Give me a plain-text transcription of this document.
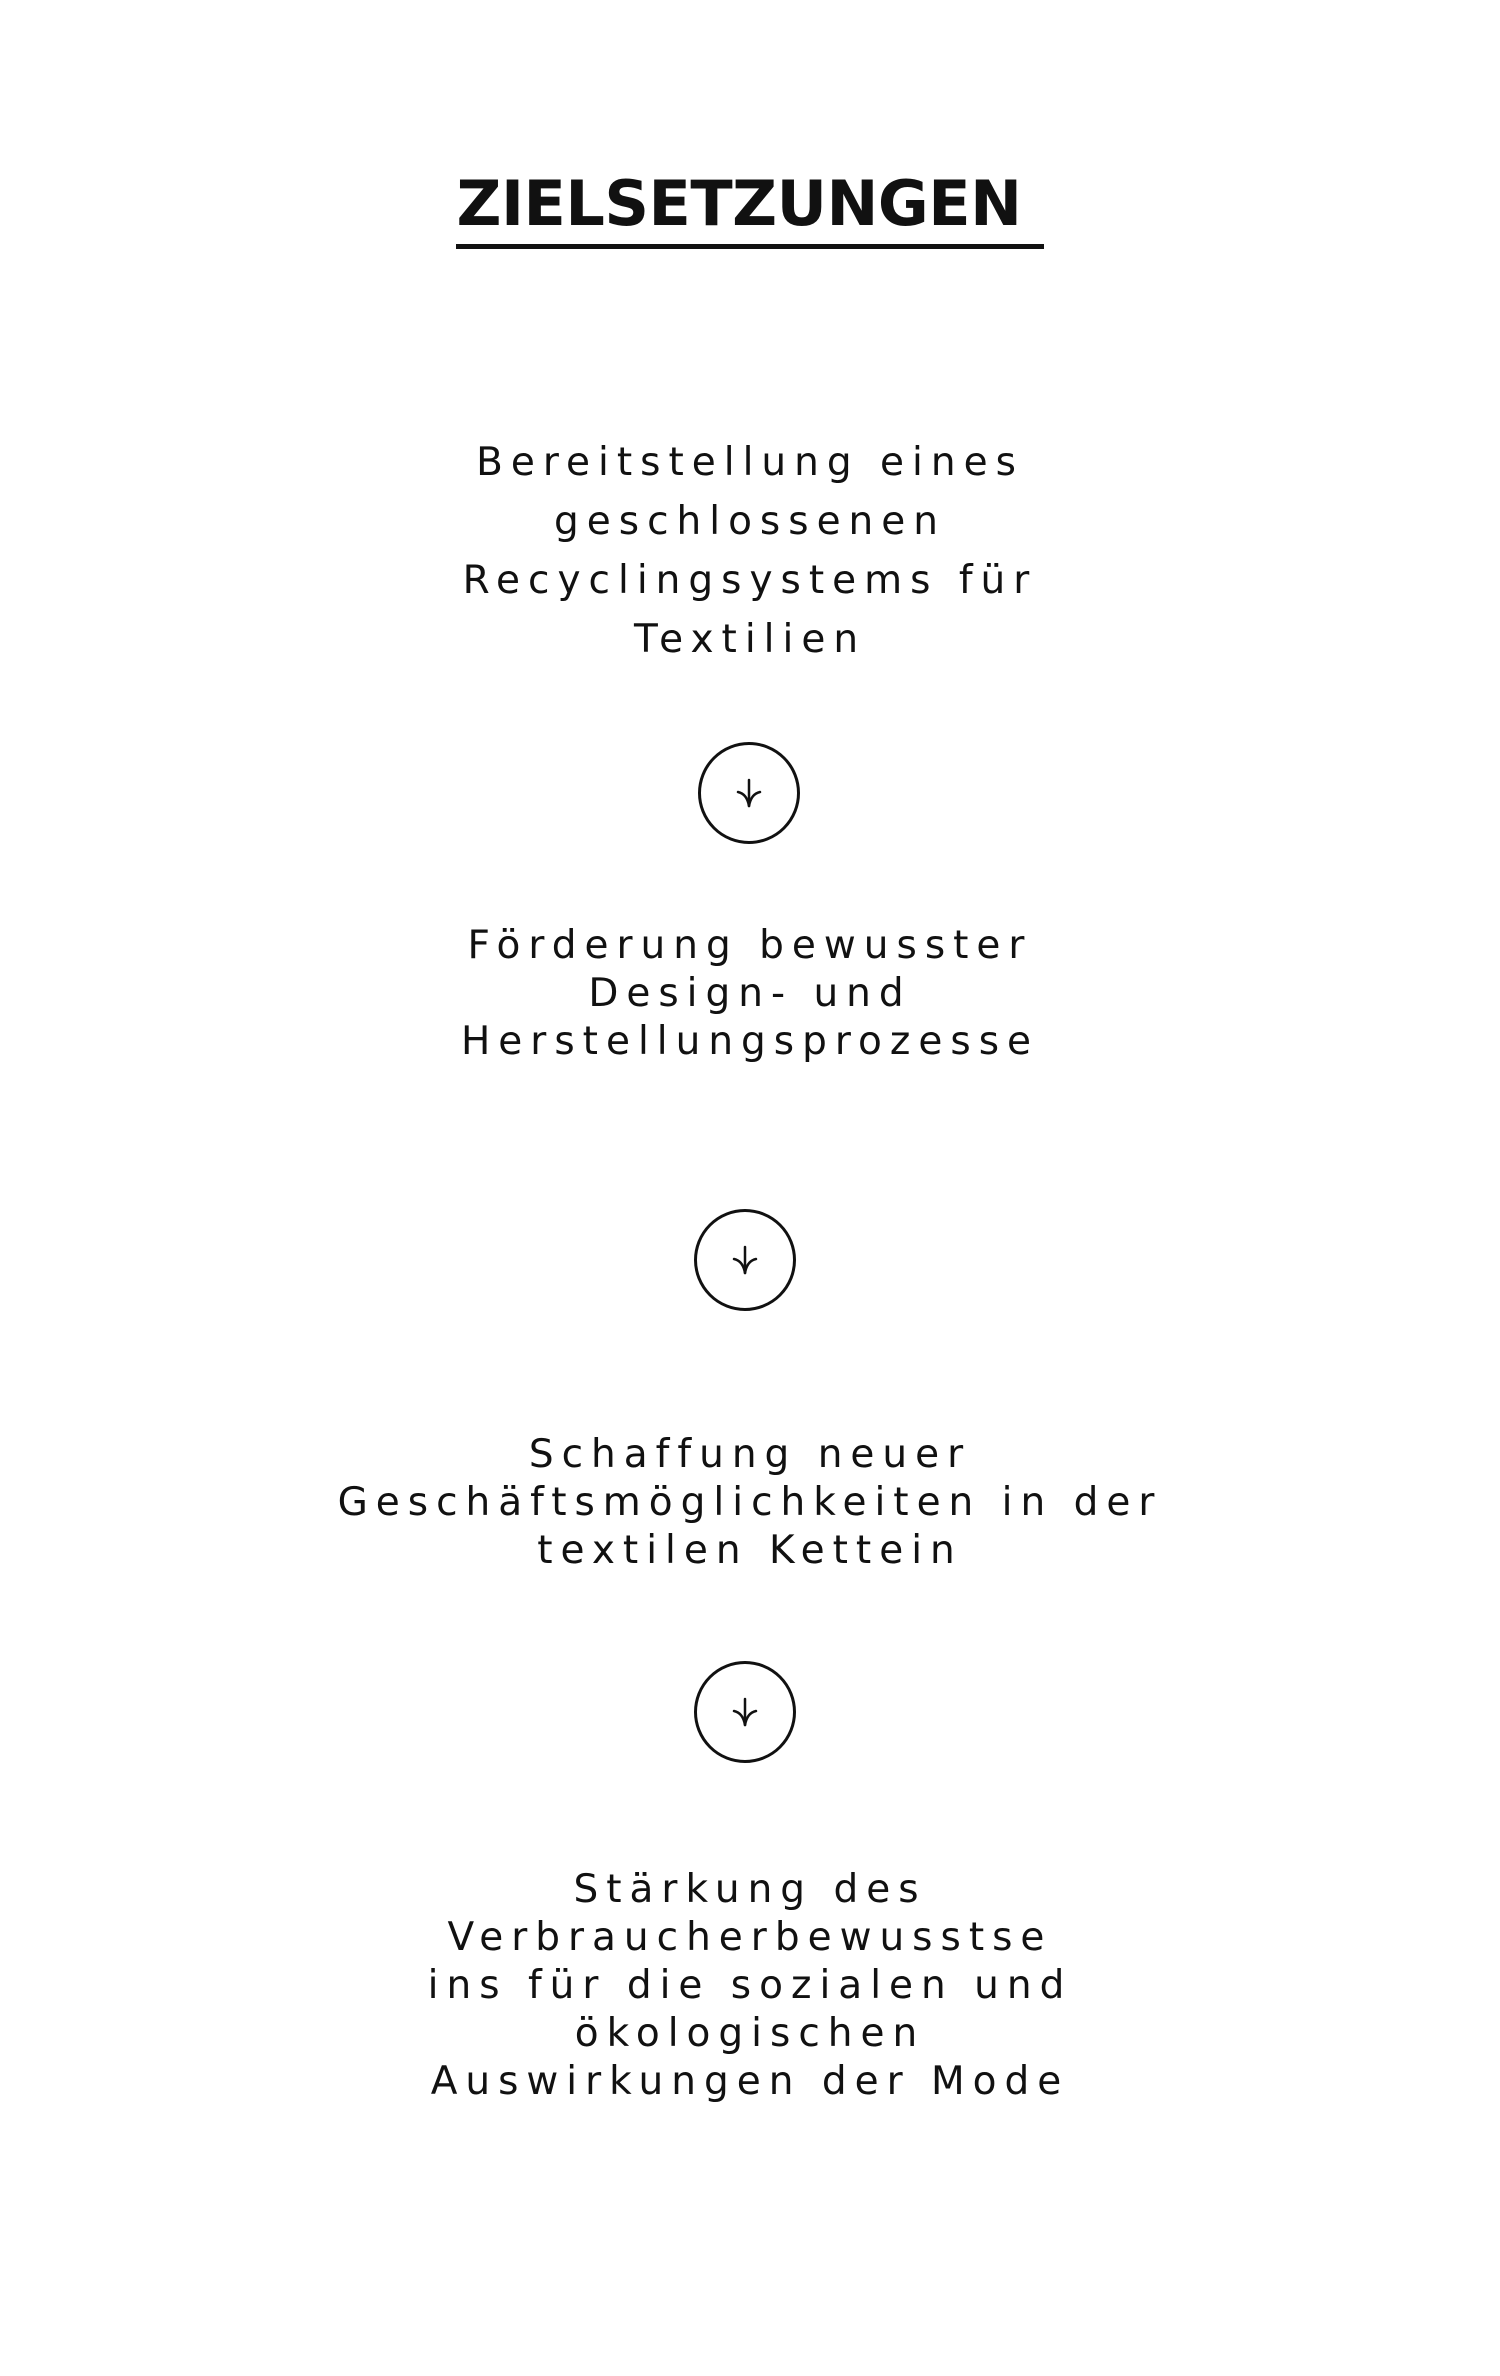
ZIELSETZUNGEN
Bereitstellung eines
geschlossenen
Recyclingsystems für
Textilien
Förderung bewusster
Design- und
Herstellungsprozesse
Schaffung neuer
Geschäftsmöglichkeiten in der
textilen Kettein
Stärkung des
Verbraucherbewusstse
ins für die sozialen und
ökologischen
Auswirkungen der Mode
